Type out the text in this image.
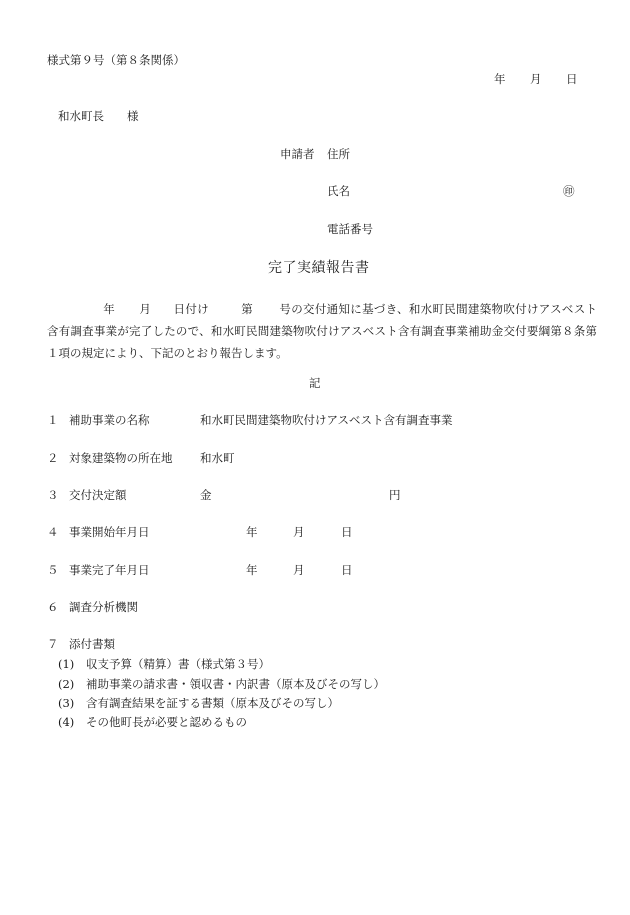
様式第９号（第８条関係）
年 月 日
和水町長 様
申請者 住所
氏名	㊞
電話番号
完了実績報告書
年 月 日付け	第 号の交付通知に基づき、和水町民間建築物吹付けアスベスト含有調査事業が完了したので、和水町民間建築物吹付けアスベスト含有調査事業補助金交付要綱第８条第１項の規定により、下記のとおり報告します。
記
１ 補助事業の名称	和水町民間建築物吹付けアスベスト含有調査事業
２ 対象建築物の所在地 和水町
３ 交付決定額	金	円
４ 事業開始年月日	年	月	日
５ 事業完了年月日	年	月	日
６ 調査分析機関
７ 添付書類
(1) 収支予算（精算）書（様式第３号）
(2) 補助事業の請求書・領収書・内訳書（原本及びその写し）
(3) 含有調査結果を証する書類（原本及びその写し）
(4) その他町長が必要と認めるもの
